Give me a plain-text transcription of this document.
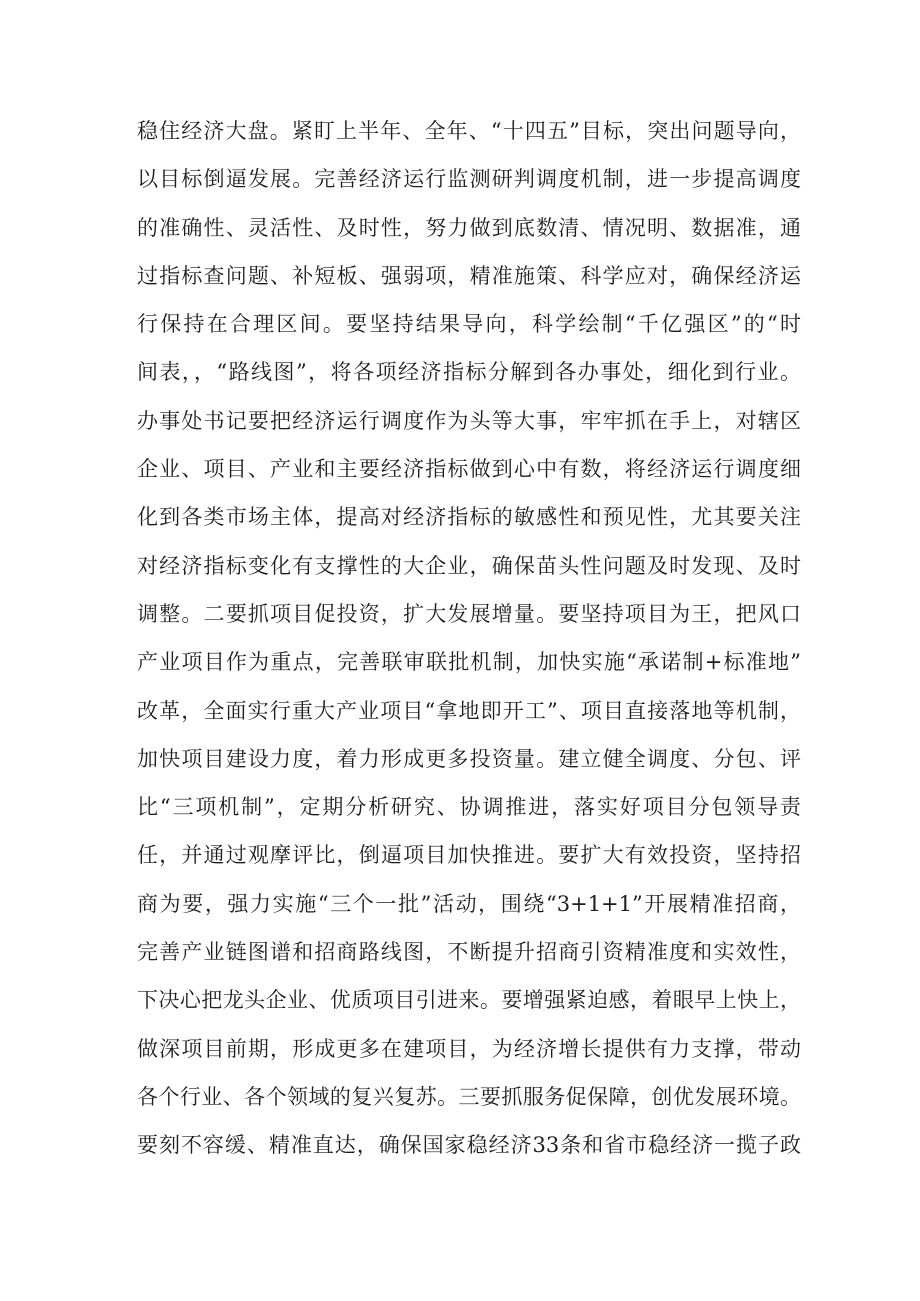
稳住经济大盘。紧盯上半年、全年、“十四五”目标，突出问题导向，
以目标倒逼发展。完善经济运行监测研判调度机制，进一步提高调度
的准确性、灵活性、及时性，努力做到底数清、情况明、数据准，通
过指标查问题、补短板、强弱项，精准施策、科学应对，确保经济运
行保持在合理区间。要坚持结果导向，科学绘制“千亿强区”的“时
间表，，“路线图”，将各项经济指标分解到各办事处，细化到行业。
办事处书记要把经济运行调度作为头等大事，牢牢抓在手上，对辖区
企业、项目、产业和主要经济指标做到心中有数，将经济运行调度细
化到各类市场主体，提高对经济指标的敏感性和预见性，尤其要关注
对经济指标变化有支撑性的大企业，确保苗头性问题及时发现、及时
调整。二要抓项目促投资，扩大发展增量。要坚持项目为王，把风口
产业项目作为重点，完善联审联批机制，加快实施“承诺制+标准地”
改革，全面实行重大产业项目“拿地即开工”、项目直接落地等机制，
加快项目建设力度，着力形成更多投资量。建立健全调度、分包、评
比“三项机制”，定期分析研究、协调推进，落实好项目分包领导责
任，并通过观摩评比，倒逼项目加快推进。要扩大有效投资，坚持招
商为要，强力实施“三个一批”活动，围绕“3+1+1”开展精准招商，
完善产业链图谱和招商路线图，不断提升招商引资精准度和实效性，
下决心把龙头企业、优质项目引进来。要增强紧迫感，着眼早上快上，
做深项目前期，形成更多在建项目，为经济增长提供有力支撑，带动
各个行业、各个领域的复兴复苏。三要抓服务促保障，创优发展环境。
要刻不容缓、精准直达，确保国家稳经济33条和省市稳经济一揽子政
